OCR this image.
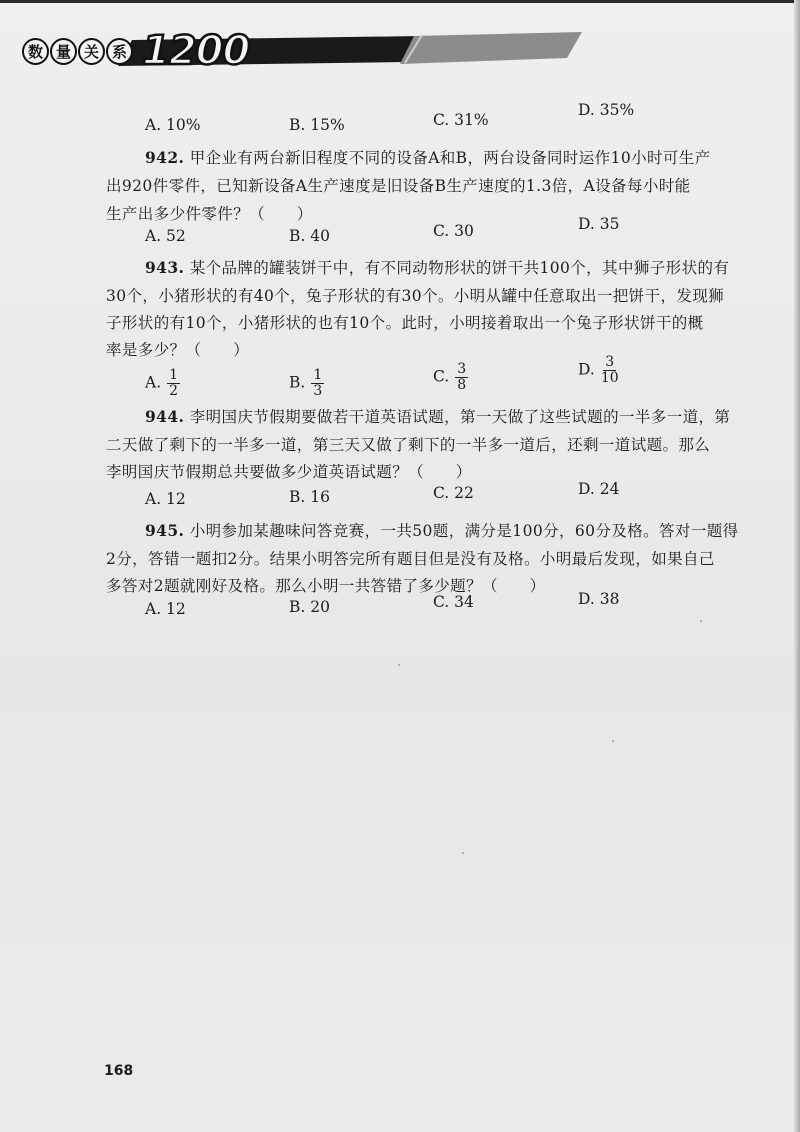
数 量 关 系 1200
A. 10%	B. 15%	C. 31%
D. 35%
942. 甲企业有两台新旧程度不同的设备A和B，两台设备同时运作10小时可生产
出920件零件，已知新设备A生产速度是旧设备B生产速度的1.3倍，A设备每小时能
生产出多少件零件？（　　）
A. 52	B. 40	C. 30	D. 35
943. 某个品牌的罐装饼干中，有不同动物形状的饼干共100个，其中狮子形状的有
30个，小猪形状的有40个，兔子形状的有30个。小明从罐中任意取出一把饼干，发现狮
子形状的有10个，小猪形状的也有10个。此时，小明接着取出一个兔子形状饼干的概
率是多少？（　　）
A. $\frac{1}{2}$	B. $\frac{1}{3}$	C. $\frac{3}{8}$	D. $\frac{3}{10}$
944. 李明国庆节假期要做若干道英语试题，第一天做了这些试题的一半多一道，第
二天做了剩下的一半多一道，第三天又做了剩下的一半多一道后，还剩一道试题。那么
李明国庆节假期总共要做多少道英语试题？（　　）
A. 12	B. 16	C. 22	D. 24
945. 小明参加某趣味问答竞赛，一共50题，满分是100分，60分及格。答对一题得
2分，答错一题扣2分。结果小明答完所有题目但是没有及格。小明最后发现，如果自己
多答对2题就刚好及格。那么小明一共答错了多少题？（　　）
A. 12	B. 20	C. 34	D. 38
168
